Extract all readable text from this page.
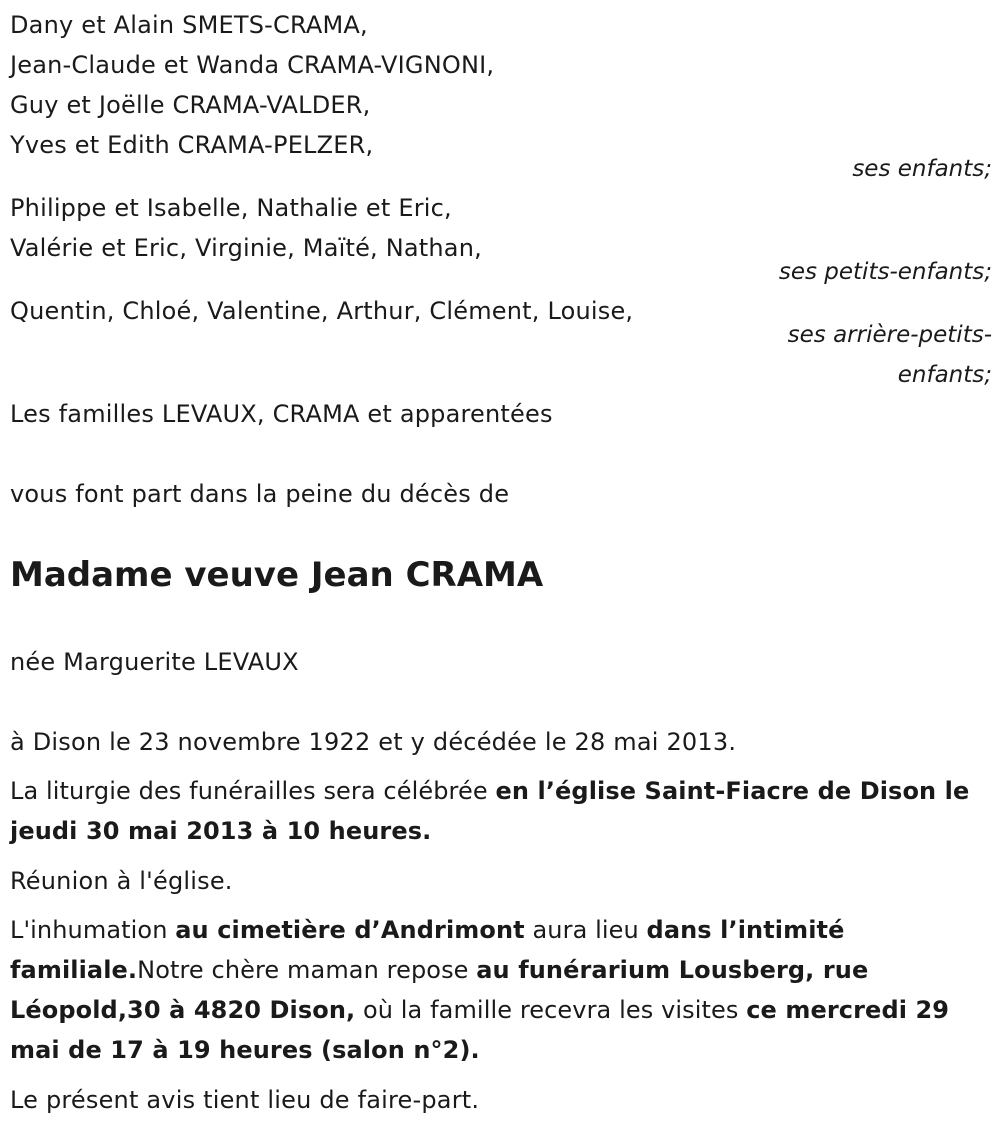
Dany et Alain SMETS-CRAMA,
Jean-Claude et Wanda CRAMA-VIGNONI,
Guy et Joëlle CRAMA-VALDER,
Yves et Edith CRAMA-PELZER,
ses enfants;
Philippe et Isabelle, Nathalie et Eric,
Valérie et Eric, Virginie, Maïté, Nathan,
ses petits-enfants;
Quentin, Chloé, Valentine, Arthur, Clément, Louise,
ses arrière-petits-
enfants;
Les familles LEVAUX, CRAMA et apparentées
vous font part dans la peine du décès de
Madame veuve Jean CRAMA
née Marguerite LEVAUX
à Dison le 23 novembre 1922 et y décédée le 28 mai 2013.
La liturgie des funérailles sera célébrée en l’église Saint-Fiacre de Dison le jeudi 30 mai 2013 à 10 heures.
Réunion à l'église.
L'inhumation au cimetière d’Andrimont aura lieu dans l’intimité familiale.Notre chère maman repose au funérarium Lousberg, rue Léopold,30 à 4820 Dison, où la famille recevra les visites ce mercredi 29 mai de 17 à 19 heures (salon n°2).
Le présent avis tient lieu de faire-part.
